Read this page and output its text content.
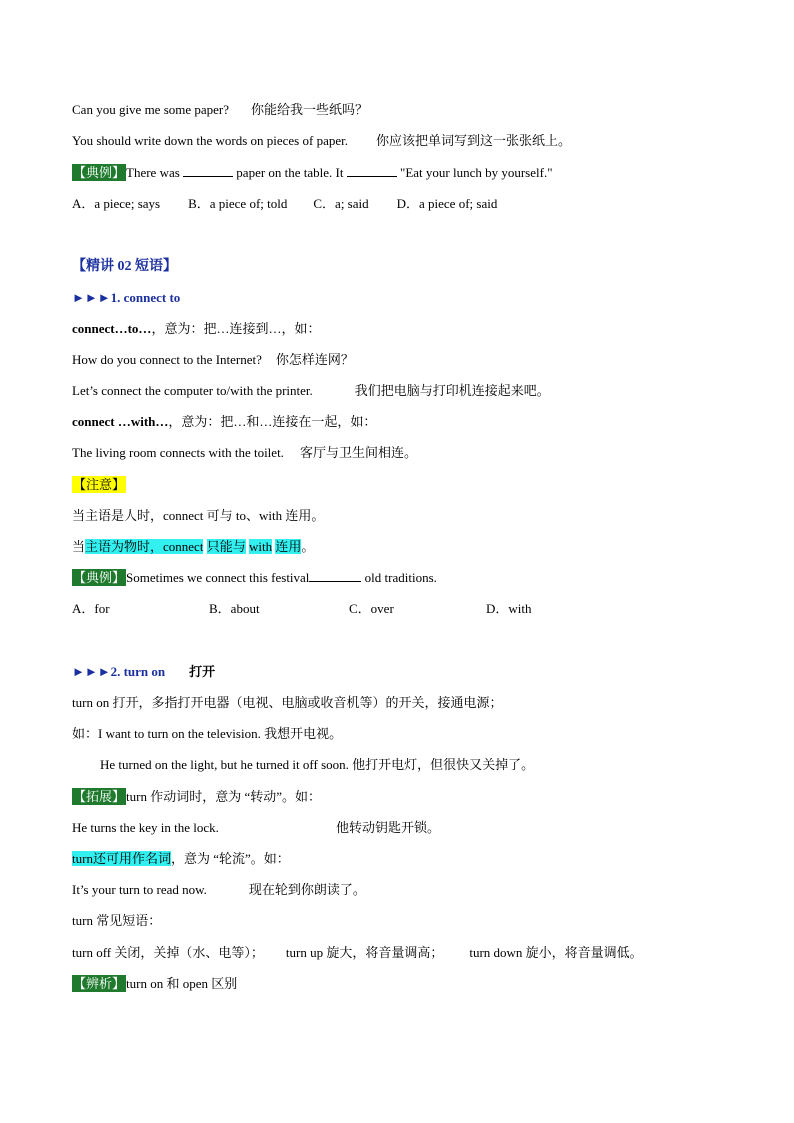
Can you give me some paper? 你能给我一些纸吗？
You should write down the words on pieces of paper. 你应该把单词写到这一张张纸上。
【典例】There was	paper on the table. It	"Eat your lunch by yourself."
A．a piece; says B．a piece of; told C．a; said D．a piece of; said
【精讲 02 短语】
►►►1. connect to
connect…to…，意为：把…连接到…，如：
How do you connect to the Internet? 你怎样连网？
Let’s connect the computer to/with the printer.	我们把电脑与打印机连接起来吧。
connect …with…，意为：把…和…连接在一起，如：
The living room connects with the toilet. 客厅与卫生间相连。
【注意】
当主语是人时，connect 可与 to、with 连用。
当主语为物时，connect 只能与 with 连用。
【典例】Sometimes we connect this festival	old traditions.
A．for	B．about	C．over	D．with
►►►2. turn on 打开
turn on 打开，多指打开电器（电视、电脑或收音机等）的开关，接通电源；
如：I want to turn on the television. 我想开电视。
He turned on the light, but he turned it off soon. 他打开电灯，但很快又关掉了。
【拓展】turn 作动词时，意为 “转动”。如：
He turns the key in the lock.	他转动钥匙开锁。
turn还可用作名词，意为 “轮流”。如：
It’s your turn to read now.	现在轮到你朗读了。
turn 常见短语：
turn off 关闭，关掉（水、电等）； turn up 旋大，将音量调高； turn down 旋小，将音量调低。
【辨析】turn on 和 open 区别
